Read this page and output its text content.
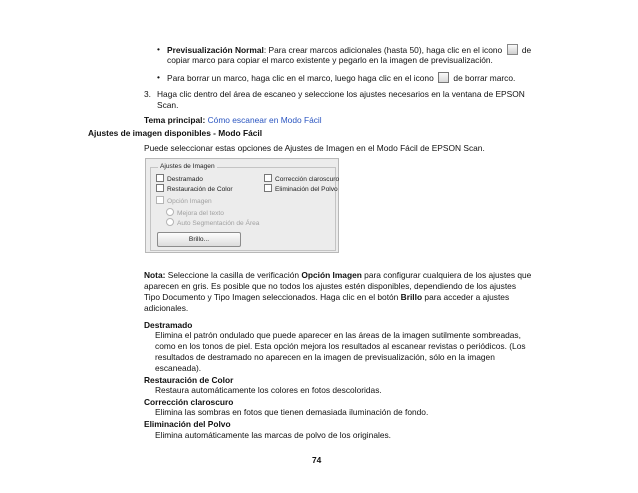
• Previsualización Normal: Para crear marcos adicionales (hasta 50), haga clic en el icono de
copiar marco para copiar el marco existente y pegarlo en la imagen de previsualización.
• Para borrar un marco, haga clic en el marco, luego haga clic en el icono de borrar marco.
3. Haga clic dentro del área de escaneo y seleccione los ajustes necesarios en la ventana de EPSON
Scan.
Tema principal: Cómo escanear en Modo Fácil
Ajustes de imagen disponibles - Modo Fácil
Puede seleccionar estas opciones de Ajustes de Imagen en el Modo Fácil de EPSON Scan.
Ajustes de Imagen
Destramado
Restauración de Color
Corrección claroscuro
Eliminación del Polvo
Opción Imagen
Mejora del texto
Auto Segmentación de Área
Brillo...
Nota: Seleccione la casilla de verificación Opción Imagen para configurar cualquiera de los ajustes que
aparecen en gris. Es posible que no todos los ajustes estén disponibles, dependiendo de los ajustes
Tipo Documento y Tipo Imagen seleccionados. Haga clic en el botón Brillo para acceder a ajustes
adicionales.
Destramado
Elimina el patrón ondulado que puede aparecer en las áreas de la imagen sutilmente sombreadas,
como en los tonos de piel. Esta opción mejora los resultados al escanear revistas o periódicos. (Los
resultados de destramado no aparecen en la imagen de previsualización, sólo en la imagen
escaneada).
Restauración de Color
Restaura automáticamente los colores en fotos descoloridas.
Corrección claroscuro
Elimina las sombras en fotos que tienen demasiada iluminación de fondo.
Eliminación del Polvo
Elimina automáticamente las marcas de polvo de los originales.
74
